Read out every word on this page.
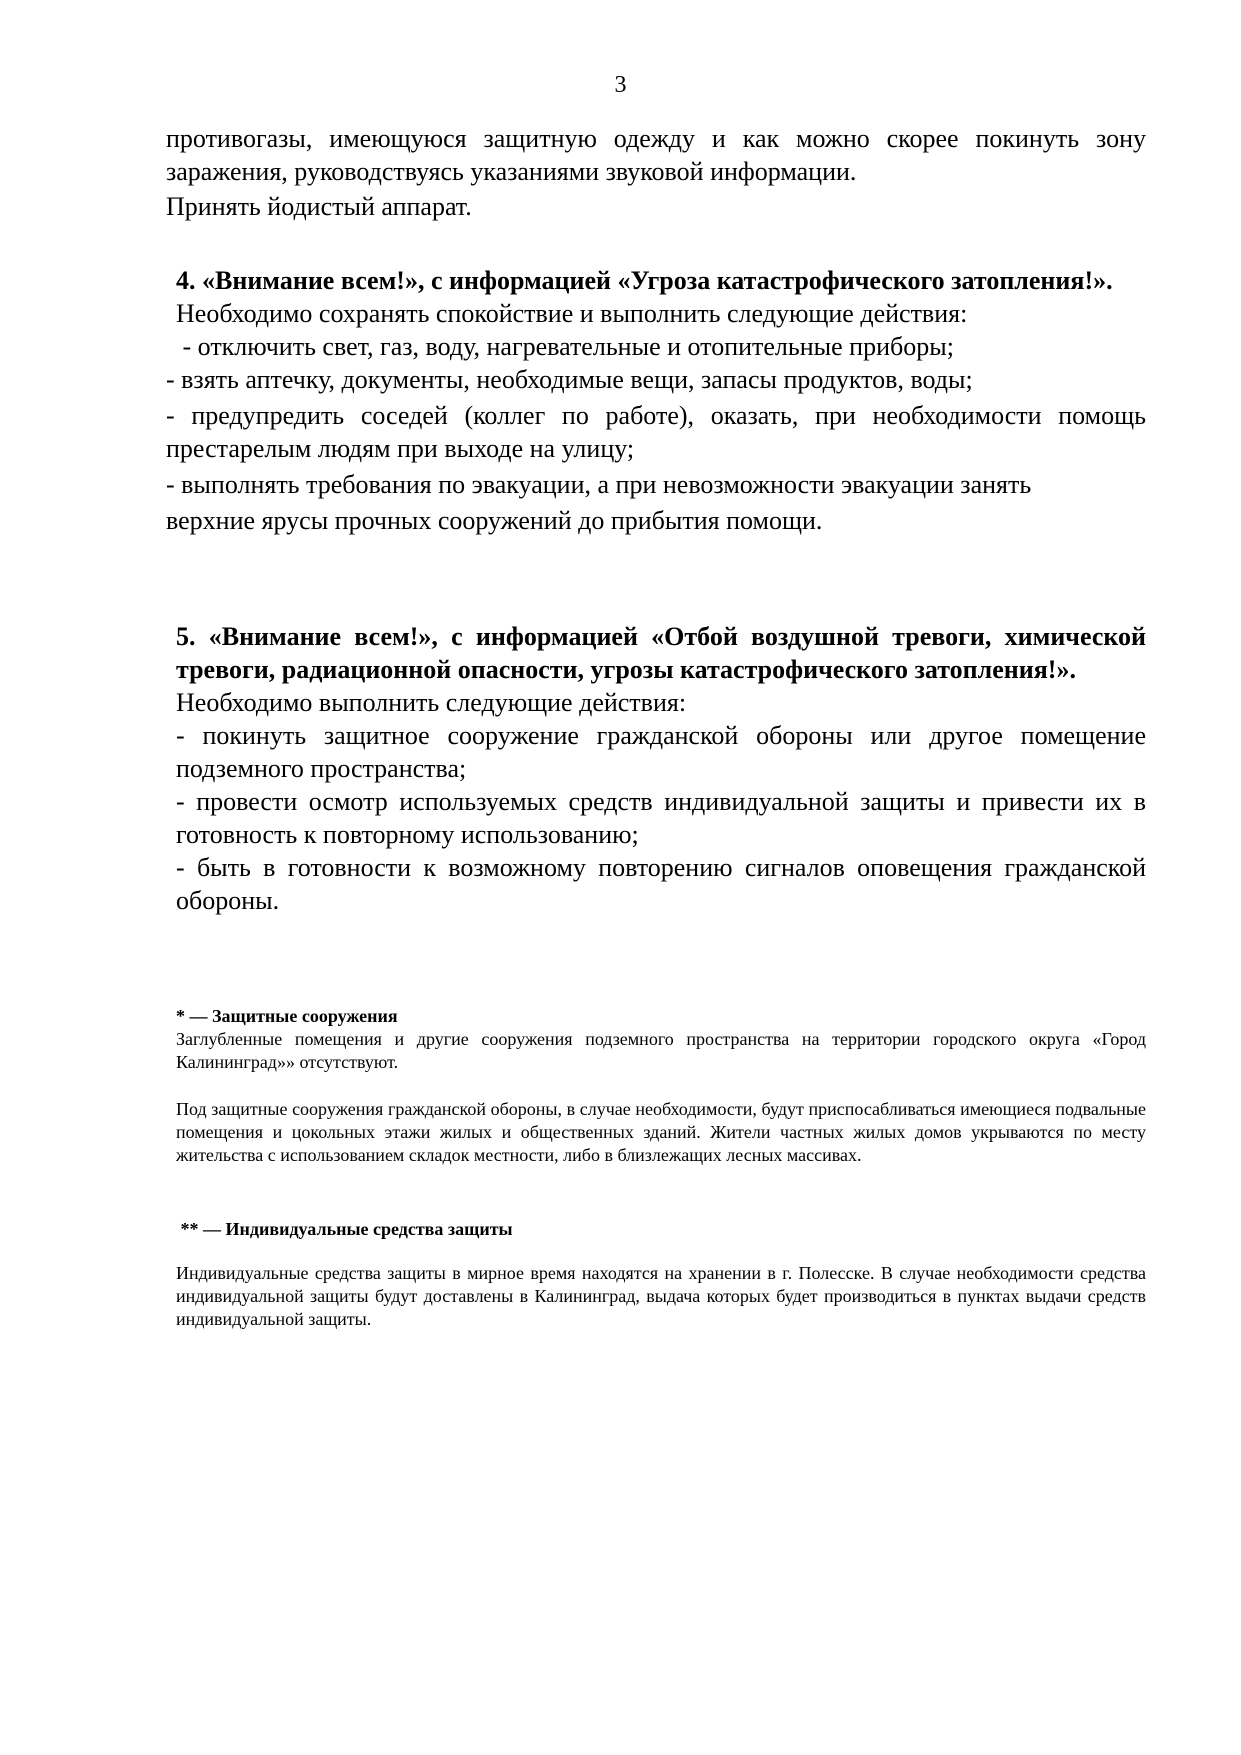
3

противогазы, имеющуюся защитную одежду и как можно скорее покинуть зону заражения, руководствуясь указаниями звуковой информации.

Принять йодистый аппарат.

4. «Внимание всем!», с информацией «Угроза катастрофического затопления!».

Необходимо сохранять спокойствие и выполнить следующие действия:

- отключить свет, газ, воду, нагревательные и отопительные приборы;

- взять аптечку, документы, необходимые вещи, запасы продуктов, воды;

- предупредить соседей (коллег по работе), оказать, при необходимости помощь престарелым людям при выходе на улицу;

- выполнять требования по эвакуации, а при невозможности эвакуации занять

верхние ярусы прочных сооружений до прибытия помощи.

5. «Внимание всем!», с информацией «Отбой воздушной тревоги, химической тревоги, радиационной опасности, угрозы катастрофического затопления!».

Необходимо выполнить следующие действия:

- покинуть защитное сооружение гражданской обороны или другое помещение подземного пространства;

- провести осмотр используемых средств индивидуальной защиты и привести их в готовность к повторному использованию;

- быть в готовности к возможному повторению сигналов оповещения гражданской обороны.

* — Защитные сооружения

Заглубленные помещения и другие сооружения подземного пространства на территории городского округа «Город Калининград»» отсутствуют.

Под защитные сооружения гражданской обороны, в случае необходимости, будут приспосабливаться имеющиеся подвальные помещения и цокольных этажи жилых и общественных зданий. Жители частных жилых домов укрываются по месту жительства с использованием складок местности, либо в близлежащих лесных массивах.

** — Индивидуальные средства защиты

Индивидуальные средства защиты в мирное время находятся на хранении в г. Полесске. В случае необходимости средства индивидуальной защиты будут доставлены в Калининград, выдача которых будет производиться в пунктах выдачи средств индивидуальной защиты.
